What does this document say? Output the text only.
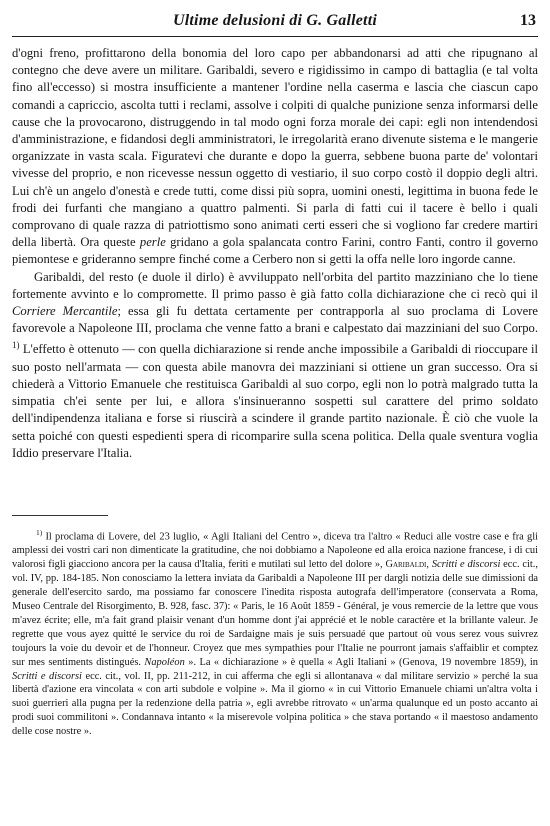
Ultime delusioni di G. Galletti	13

d'ogni freno, profittarono della bonomia del loro capo per abbandonarsi ad atti che ripugnano al contegno che deve avere un militare. Garibaldi, severo e rigidissimo in campo di battaglia (e tal volta fino all'eccesso) si mostra insufficiente a mantener l'ordine nella caserma e lascia che ciascun capo comandi a capriccio, ascolta tutti i reclami, assolve i colpiti di qualche punizione senza informarsi delle cause che la provocarono, distruggendo in tal modo ogni forza morale dei capi: egli non intendendosi d'amministrazione, e fidandosi degli amministratori, le irregolarità erano divenute sistema e le mangerie organizzate in vasta scala. Figuratevi che durante e dopo la guerra, sebbene buona parte de' volontari vivesse del proprio, e non ricevesse nessun oggetto di vestiario, il suo corpo costò il doppio degli altri. Lui ch'è un angelo d'onestà e crede tutti, come dissi più sopra, uomini onesti, legittima in buona fede le frodi dei furfanti che mangiano a quattro palmenti. Si parla di fatti cui il tacere è bello i quali comprovano di quale razza di patriottismo sono animati certi esseri che si vogliono far credere martiri della libertà. Ora queste perle gridano a gola spalancata contro Farini, contro Fanti, contro il governo piemontese e grideranno sempre finché come a Cerbero non si getti la offa nelle loro ingorde canne.

Garibaldi, del resto (e duole il dirlo) è avviluppato nell'orbita del partito mazziniano che lo tiene fortemente avvinto e lo compromette. Il primo passo è già fatto colla dichiarazione che ci recò qui il Corriere Mercantile; essa gli fu dettata certamente per contrapporla al suo proclama di Lovere favorevole a Napoleone III, proclama che venne fatto a brani e calpestato dai mazziniani del suo Corpo. $^{1)}$ L'effetto è ottenuto — con quella dichiarazione si rende anche impossibile a Garibaldi di rioccupare il suo posto nell'armata — con questa abile manovra dei mazziniani si ottiene un gran successo. Ora si chiederà a Vittorio Emanuele che restituisca Garibaldi al suo corpo, egli non lo potrà malgrado tutta la simpatia ch'ei sente per lui, e allora s'insinueranno sospetti sul carattere del primo soldato dell'indipendenza italiana e forse si riuscirà a scindere il grande partito nazionale. È ciò che vuole la setta poiché con questi espedienti spera di ricomparire sulla scena politica. Della quale sventura voglia Iddio preservare l'Italia.

$^{1)}$ Il proclama di Lovere, del 23 luglio, « Agli Italiani del Centro », diceva tra l'altro « Reduci alle vostre case e fra gli amplessi dei vostri cari non dimenticate la gratitudine, che noi dobbiamo a Napoleone ed alla eroica nazione francese, i di cui valorosi figli giacciono ancora per la causa d'Italia, feriti e mutilati sul letto del dolore », Garibaldi, Scritti e discorsi ecc. cit., vol. IV, pp. 184-185. Non conosciamo la lettera inviata da Garibaldi a Napoleone III per dargli notizia delle sue dimissioni da generale dell'esercito sardo, ma possiamo far conoscere l'inedita risposta autografa dell'imperatore (conservata a Roma, Museo Centrale del Risorgimento, B. 928, fasc. 37): « Paris, le 16 Août 1859 - Général, je vous remercie de la lettre que vous m'avez écrite; elle, m'a fait grand plaisir venant d'un homme dont j'ai apprécié et le noble caractère et la brillante valeur. Je regrette que vous ayez quitté le service du roi de Sardaigne mais je suis persuadé que partout où vous serez vous suivrez toujours la voie du devoir et de l'honneur. Croyez que mes sympathies pour l'Italie ne pourront jamais s'affaiblir et comptez sur mes sentiments distingués. Napoléon ». La « dichiarazione » è quella « Agli Italiani » (Genova, 19 novembre 1859), in Scritti e discorsi ecc. cit., vol. II, pp. 211-212, in cui afferma che egli si allontanava « dal militare servizio » perché la sua libertà d'azione era vincolata « con arti subdole e volpine ». Ma il giorno « in cui Vittorio Emanuele chiami un'altra volta i suoi guerrieri alla pugna per la redenzione della patria », egli avrebbe ritrovato « un'arma qualunque ed un posto accanto ai prodi suoi commilitoni ». Condannava intanto « la miserevole volpina politica » che stava portando « il maestoso andamento delle cose nostre ».
